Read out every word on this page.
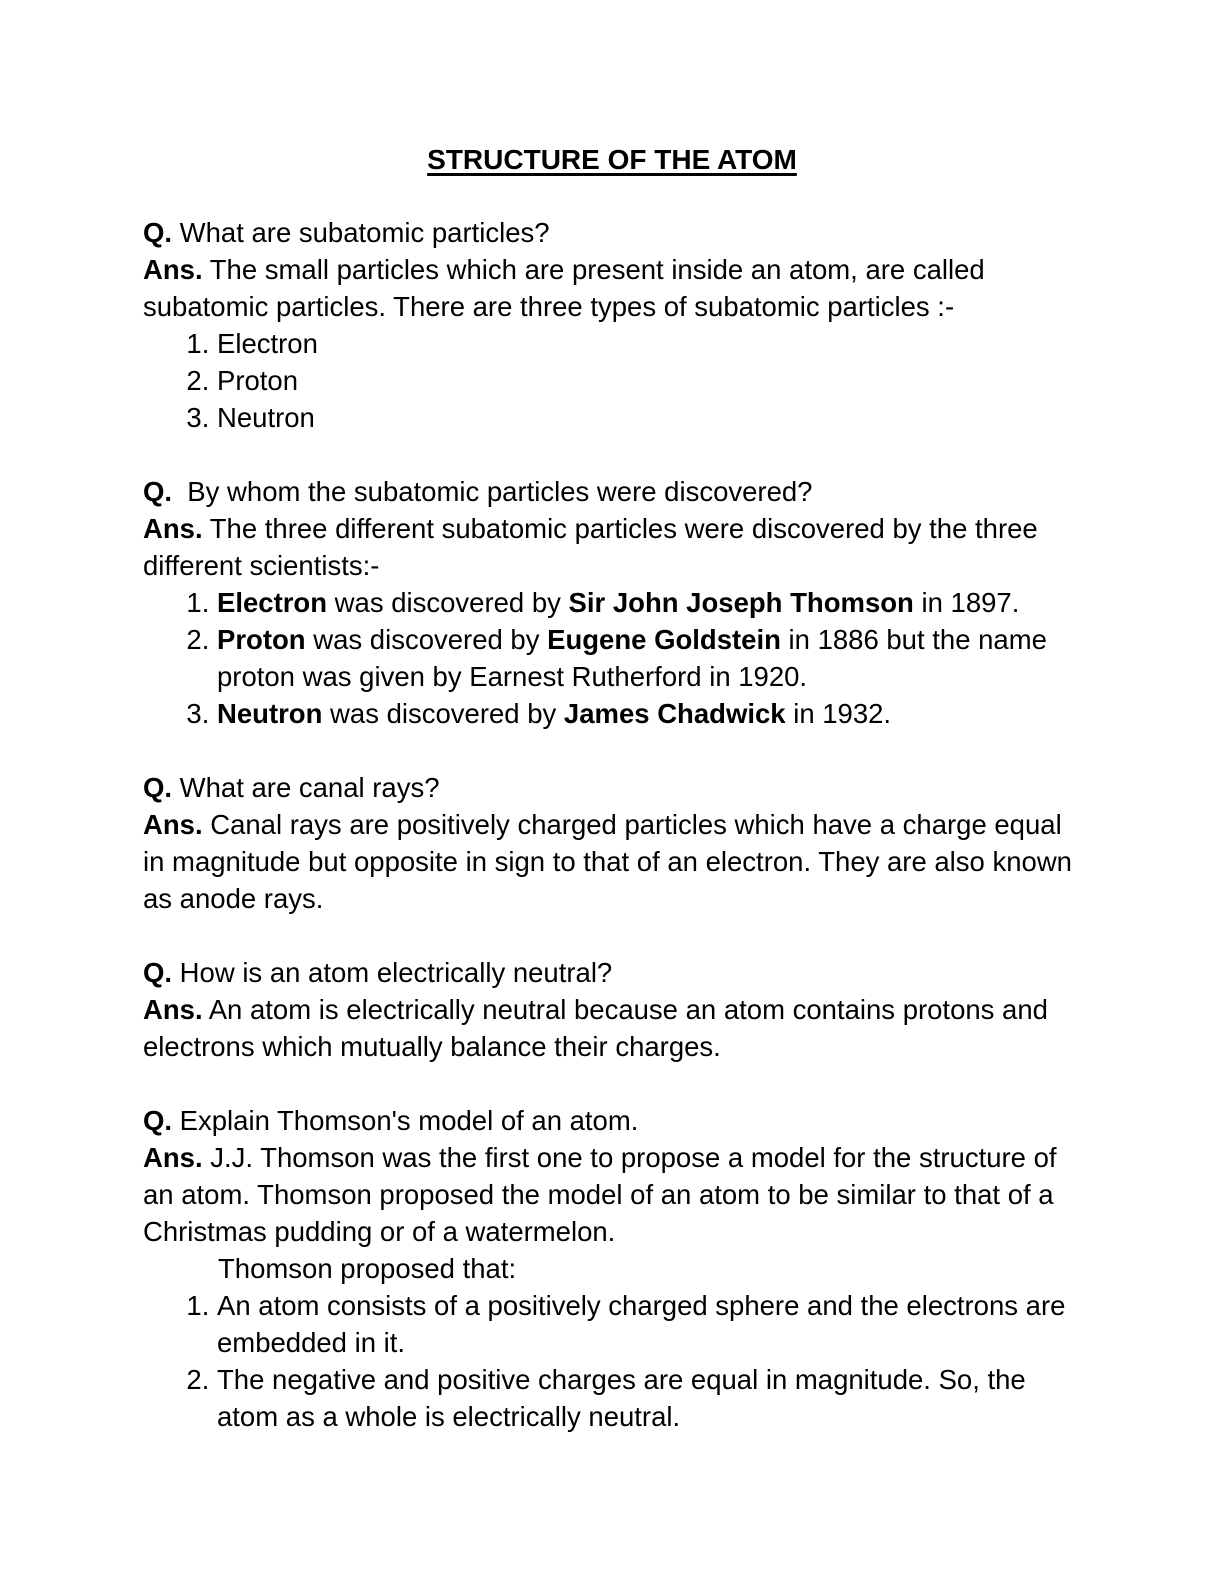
STRUCTURE OF THE ATOM
Q. What are subatomic particles?
Ans. The small particles which are present inside an atom, are called subatomic particles. There are three types of subatomic particles :-
1. Electron
2. Proton
3. Neutron
Q.  By whom the subatomic particles were discovered?
Ans. The three different subatomic particles were discovered by the three different scientists:-
1. Electron was discovered by Sir John Joseph Thomson in 1897.
2. Proton was discovered by Eugene Goldstein in 1886 but the name proton was given by Earnest Rutherford in 1920.
3. Neutron was discovered by James Chadwick in 1932.
Q. What are canal rays?
Ans. Canal rays are positively charged particles which have a charge equal in magnitude but opposite in sign to that of an electron. They are also known as anode rays.
Q. How is an atom electrically neutral?
Ans. An atom is electrically neutral because an atom contains protons and electrons which mutually balance their charges.
Q. Explain Thomson's model of an atom.
Ans. J.J. Thomson was the first one to propose a model for the structure of an atom. Thomson proposed the model of an atom to be similar to that of a Christmas pudding or of a watermelon.
Thomson proposed that:
1. An atom consists of a positively charged sphere and the electrons are embedded in it.
2. The negative and positive charges are equal in magnitude. So, the atom as a whole is electrically neutral.
